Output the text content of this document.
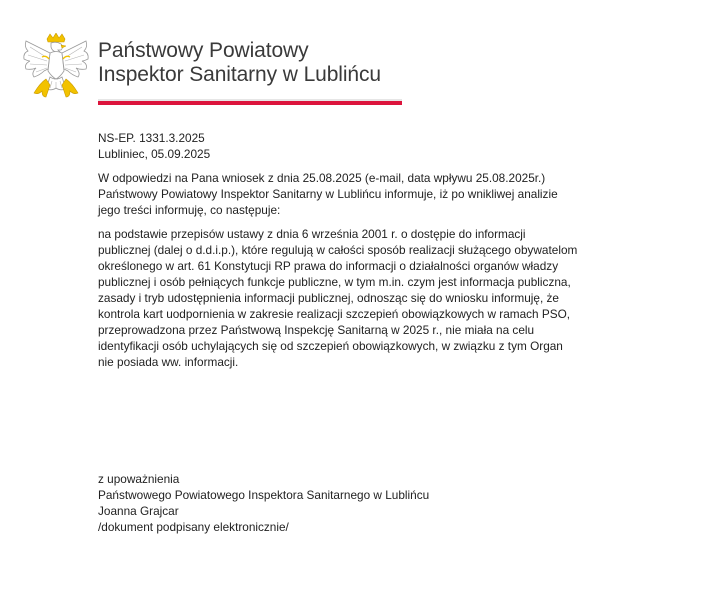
Państwowy Powiatowy
Inspektor Sanitarny w Lublińcu

NS-EP. 1331.3.2025

Lubliniec, 05.09.2025

W odpowiedzi na Pana wniosek z dnia 25.08.2025 (e-mail, data wpływu 25.08.2025r.)

Państwowy Powiatowy Inspektor Sanitarny w Lublińcu informuje, iż po wnikliwej analizie

jego treści informuję, co następuje:

na podstawie przepisów ustawy z dnia 6 września 2001 r. o dostępie do informacji

publicznej (dalej o d.d.i.p.), które regulują w całości sposób realizacji służącego obywatelom

określonego w art. 61 Konstytucji RP prawa do informacji o działalności organów władzy

publicznej i osób pełniących funkcje publiczne, w tym m.in. czym jest informacja publiczna,

zasady i tryb udostępnienia informacji publicznej, odnosząc się do wniosku informuję, że

kontrola kart uodpornienia w zakresie realizacji szczepień obowiązkowych w ramach PSO,

przeprowadzona przez Państwową Inspekcję Sanitarną w 2025 r., nie miała na celu

identyfikacji osób uchylających się od szczepień obowiązkowych, w związku z tym Organ

nie posiada ww. informacji.

z upoważnienia
Państwowego Powiatowego Inspektora Sanitarnego w Lublińcu
Joanna Grajcar
/dokument podpisany elektronicznie/
